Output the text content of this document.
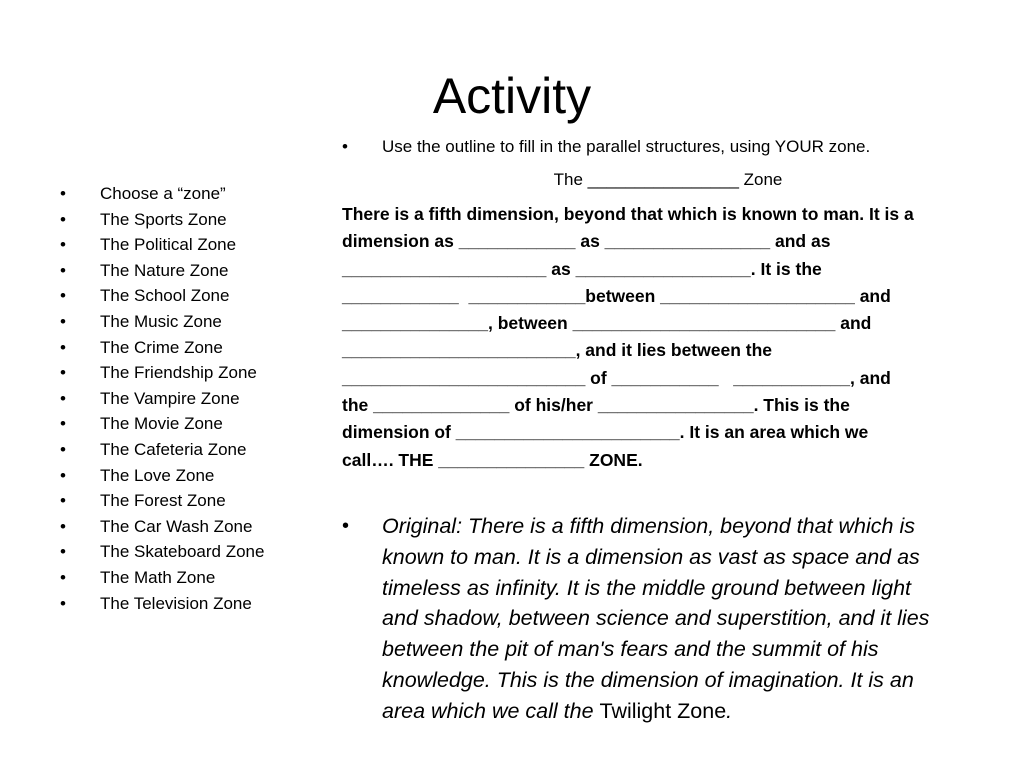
Activity
•	Choose a “zone”
•	The Sports Zone
•	The Political Zone
•	The Nature Zone
•	The School Zone
•	The Music Zone
•	The Crime Zone
•	The Friendship Zone
•	The Vampire Zone
•	The Movie Zone
•	The Cafeteria Zone
•	The Love Zone
•	The Forest Zone
•	The Car Wash Zone
•	The Skateboard Zone
•	The Math Zone
•	The Television Zone
•	Use the outline to fill in the parallel structures, using YOUR zone.
The ________________ Zone
There is a fifth dimension, beyond that which is known to man. It is a
dimension as ____________ as _________________ and as
_____________________ as __________________. It is the
____________  ____________between ____________________ and
_______________, between ___________________________ and
________________________, and it lies between the
_________________________ of ___________   ____________, and
the ______________ of his/her ________________. This is the
dimension of _______________________. It is an area which we
call…. THE _______________ ZONE.
•	Original: There is a fifth dimension, beyond that which is
known to man. It is a dimension as vast as space and as
timeless as infinity. It is the middle ground between light
and shadow, between science and superstition, and it lies
between the pit of man's fears and the summit of his
knowledge. This is the dimension of imagination. It is an
area which we call the Twilight Zone.
